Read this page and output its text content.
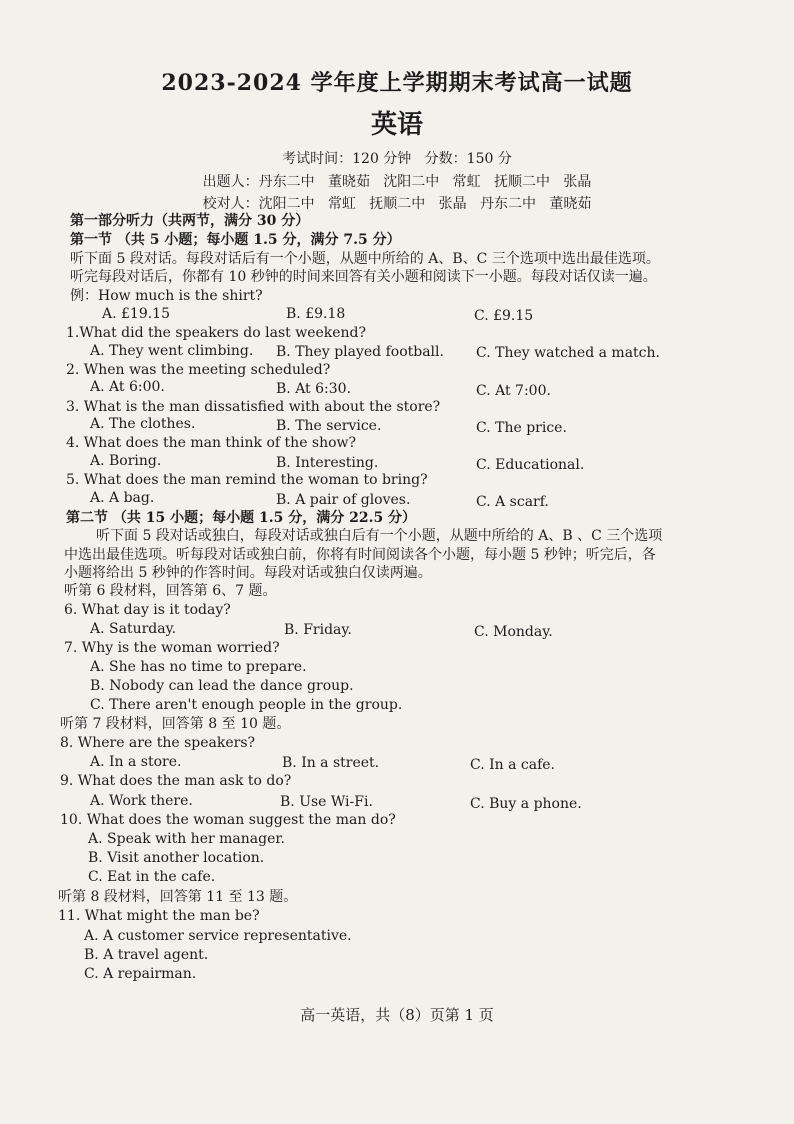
2023-2024 学年度上学期期末考试高一试题
英语
考试时间：120 分钟   分数：150 分
出题人：丹东二中   董晓茹   沈阳二中   常虹   抚顺二中   张晶
校对人：沈阳二中   常虹   抚顺二中   张晶   丹东二中   董晓茹
第一部分听力（共两节，满分 30 分）
第一节 （共 5 小题；每小题 1.5 分，满分 7.5 分）
听下面 5 段对话。每段对话后有一个小题，从题中所给的 A、B、C 三个选项中选出最佳选项。
听完每段对话后，你都有 10 秒钟的时间来回答有关小题和阅读下一小题。每段对话仅读一遍。
例：How much is the shirt?
A. £19.15	B. £9.18	C. £9.15
1.What did the speakers do last weekend?
A. They went climbing. B. They played football. C. They watched a match.
2. When was the meeting scheduled?
A. At 6:00.	B. At 6:30.	C. At 7:00.
3. What is the man dissatisfied with about the store?
A. The clothes.	B. The service.	C. The price.
4. What does the man think of the show?
A. Boring.	B. Interesting.	C. Educational.
5. What does the man remind the woman to bring?
A. A bag.	B. A pair of gloves.	C. A scarf.
第二节 （共 15 小题；每小题 1.5 分，满分 22.5 分）
听下面 5 段对话或独白，每段对话或独白后有一个小题，从题中所给的 A、B 、C 三个选项
中选出最佳选项。听每段对话或独白前，你将有时间阅读各个小题，每小题 5 秒钟；听完后，各
小题将给出 5 秒钟的作答时间。每段对话或独白仅读两遍。
听第 6 段材料，回答第 6、7 题。
6. What day is it today?
A. Saturday.	B. Friday.	C. Monday.
7. Why is the woman worried?
A. She has no time to prepare.
B. Nobody can lead the dance group.
C. There aren't enough people in the group.
听第 7 段材料，回答第 8 至 10 题。
8. Where are the speakers?
A. In a store.	B. In a street.	C. In a cafe.
9. What does the man ask to do?
A. Work there.	B. Use Wi-Fi.	C. Buy a phone.
10. What does the woman suggest the man do?
A. Speak with her manager.
B. Visit another location.
C. Eat in the cafe.
听第 8 段材料，回答第 11 至 13 题。
11. What might the man be?
A. A customer service representative.
B. A travel agent.
C. A repairman.
高一英语，共（8）页第 1 页
